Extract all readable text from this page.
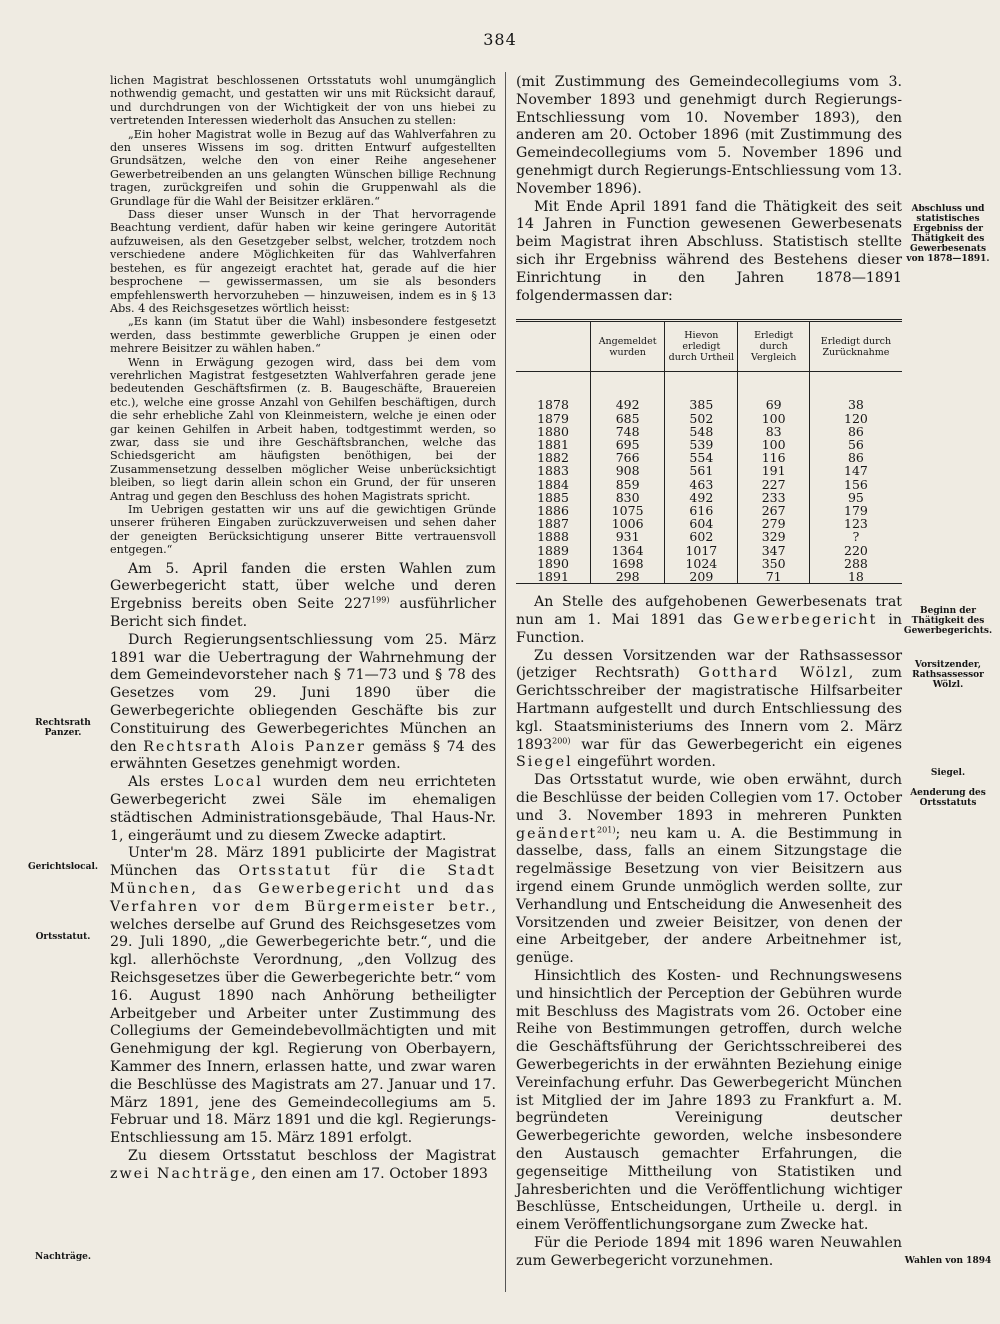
384

lichen Magistrat beschlossenen Ortsstatuts wohl unumgänglich nothwendig gemacht, und gestatten wir uns mit Rücksicht darauf, und durchdrungen von der Wichtigkeit der von uns hiebei zu vertretenden Interessen wiederholt das Ansuchen zu stellen:

„Ein hoher Magistrat wolle in Bezug auf das Wahlverfahren zu den unseres Wissens im sog. dritten Entwurf aufgestellten Grundsätzen, welche den von einer Reihe angesehener Gewerbetreibenden an uns gelangten Wünschen billige Rechnung tragen, zurückgreifen und sohin die Gruppenwahl als die Grundlage für die Wahl der Beisitzer erklären.“

Dass dieser unser Wunsch in der That hervorragende Beachtung verdient, dafür haben wir keine geringere Autorität aufzuweisen, als den Gesetzgeber selbst, welcher, trotzdem noch verschiedene andere Möglichkeiten für das Wahlverfahren bestehen, es für angezeigt erachtet hat, gerade auf die hier besprochene — gewissermassen, um sie als besonders empfehlenswerth hervorzuheben — hinzuweisen, indem es in § 13 Abs. 4 des Reichsgesetzes wörtlich heisst:

„Es kann (im Statut über die Wahl) insbesondere festgesetzt werden, dass bestimmte gewerbliche Gruppen je einen oder mehrere Beisitzer zu wählen haben.“

Wenn in Erwägung gezogen wird, dass bei dem vom verehrlichen Magistrat festgesetzten Wahlverfahren gerade jene bedeutenden Geschäftsfirmen (z. B. Baugeschäfte, Brauereien etc.), welche eine grosse Anzahl von Gehilfen beschäftigen, durch die sehr erhebliche Zahl von Kleinmeistern, welche je einen oder gar keinen Gehilfen in Arbeit haben, todtgestimmt werden, so zwar, dass sie und ihre Geschäftsbranchen, welche das Schiedsgericht am häufigsten benöthigen, bei der Zusammensetzung desselben möglicher Weise unberücksichtigt bleiben, so liegt darin allein schon ein Grund, der für unseren Antrag und gegen den Beschluss des hohen Magistrats spricht.

Im Uebrigen gestatten wir uns auf die gewichtigen Gründe unserer früheren Eingaben zurückzuverweisen und sehen daher der geneigten Berücksichtigung unserer Bitte vertrauensvoll entgegen.“

Am 5. April fanden die ersten Wahlen zum Gewerbegericht statt, über welche und deren Ergebniss bereits oben Seite 227$^{199)}$ ausführlicher Bericht sich findet.

Durch Regierungsentschliessung vom 25. März 1891 war die Uebertragung der Wahrnehmung der dem Gemeindevorsteher nach § 71—73 und § 78 des Gesetzes vom 29. Juni 1890 über die Gewerbegerichte obliegenden Geschäfte bis zur Constituirung des Gewerbegerichtes München an den Rechtsrath Alois Panzer gemäss § 74 des erwähnten Gesetzes genehmigt worden.

Als erstes Local wurden dem neu errichteten Gewerbegericht zwei Säle im ehemaligen städtischen Administrationsgebäude, Thal Haus-Nr. 1, eingeräumt und zu diesem Zwecke adaptirt.

Unter'm 28. März 1891 publicirte der Magistrat München das Ortsstatut für die Stadt München, das Gewerbegericht und das Verfahren vor dem Bürgermeister betr., welches derselbe auf Grund des Reichsgesetzes vom 29. Juli 1890, „die Gewerbegerichte betr.“, und die kgl. allerhöchste Verordnung, „den Vollzug des Reichsgesetzes über die Gewerbegerichte betr.“ vom 16. August 1890 nach Anhörung betheiligter Arbeitgeber und Arbeiter unter Zustimmung des Collegiums der Gemeindebevollmächtigten und mit Genehmigung der kgl. Regierung von Oberbayern, Kammer des Innern, erlassen hatte, und zwar waren die Beschlüsse des Magistrats am 27. Januar und 17. März 1891, jene des Gemeindecollegiums am 5. Februar und 18. März 1891 und die kgl. Regierungs-Entschliessung am 15. März 1891 erfolgt.

Zu diesem Ortsstatut beschloss der Magistrat zwei Nachträge, den einen am 17. October 1893

(mit Zustimmung des Gemeindecollegiums vom 3. November 1893 und genehmigt durch Regierungs-Entschliessung vom 10. November 1893), den anderen am 20. October 1896 (mit Zustimmung des Gemeindecollegiums vom 5. November 1896 und genehmigt durch Regierungs-Entschliessung vom 13. November 1896).

Mit Ende April 1891 fand die Thätigkeit des seit 14 Jahren in Function gewesenen Gewerbesenats beim Magistrat ihren Abschluss. Statistisch stellte sich ihr Ergebniss während des Bestehens dieser Einrichtung in den Jahren 1878—1891 folgendermassen dar:

	Angemeldet wurden	Hievon erledigt durch Urtheil	Erledigt durch Vergleich	Erledigt durch Zurücknahme
1878	492	385	69	38
1879	685	502	100	120
1880	748	548	83	86
1881	695	539	100	56
1882	766	554	116	86
1883	908	561	191	147
1884	859	463	227	156
1885	830	492	233	95
1886	1075	616	267	179
1887	1006	604	279	123
1888	931	602	329	?
1889	1364	1017	347	220
1890	1698	1024	350	288
1891	298	209	71	18

An Stelle des aufgehobenen Gewerbesenats trat nun am 1. Mai 1891 das Gewerbegericht in Function.

Zu dessen Vorsitzenden war der Rathsassessor (jetziger Rechtsrath) Gotthard Wölzl, zum Gerichtsschreiber der magistratische Hilfsarbeiter Hartmann aufgestellt und durch Entschliessung des kgl. Staatsministeriums des Innern vom 2. März 1893$^{200)}$ war für das Gewerbegericht ein eigenes Siegel eingeführt worden.

Das Ortsstatut wurde, wie oben erwähnt, durch die Beschlüsse der beiden Collegien vom 17. October und 3. November 1893 in mehreren Punkten geändert$^{201)}$; neu kam u. A. die Bestimmung in dasselbe, dass, falls an einem Sitzungstage die regelmässige Besetzung von vier Beisitzern aus irgend einem Grunde unmöglich werden sollte, zur Verhandlung und Entscheidung die Anwesenheit des Vorsitzenden und zweier Beisitzer, von denen der eine Arbeitgeber, der andere Arbeitnehmer ist, genüge.

Hinsichtlich des Kosten- und Rechnungswesens und hinsichtlich der Perception der Gebühren wurde mit Beschluss des Magistrats vom 26. October eine Reihe von Bestimmungen getroffen, durch welche die Geschäftsführung der Gerichtsschreiberei des Gewerbegerichts in der erwähnten Beziehung einige Vereinfachung erfuhr. Das Gewerbegericht München ist Mitglied der im Jahre 1893 zu Frankfurt a. M. begründeten Vereinigung deutscher Gewerbegerichte geworden, welche insbesondere den Austausch gemachter Erfahrungen, die gegenseitige Mittheilung von Statistiken und Jahresberichten und die Veröffentlichung wichtiger Beschlüsse, Entscheidungen, Urtheile u. dergl. in einem Veröffentlichungsorgane zum Zwecke hat.

Für die Periode 1894 mit 1896 waren Neuwahlen zum Gewerbegericht vorzunehmen.

Rechtsrath Panzer.
Gerichtslocal.
Ortsstatut.
Nachträge.
Abschluss und statistisches Ergebniss der Thätigkeit des Gewerbesenats von 1878—1891.
Beginn der Thätigkeit des Gewerbegerichts.
Vorsitzender, Rathsassessor Wölzl.
Siegel.
Aenderung des Ortsstatuts
Wahlen von 1894
